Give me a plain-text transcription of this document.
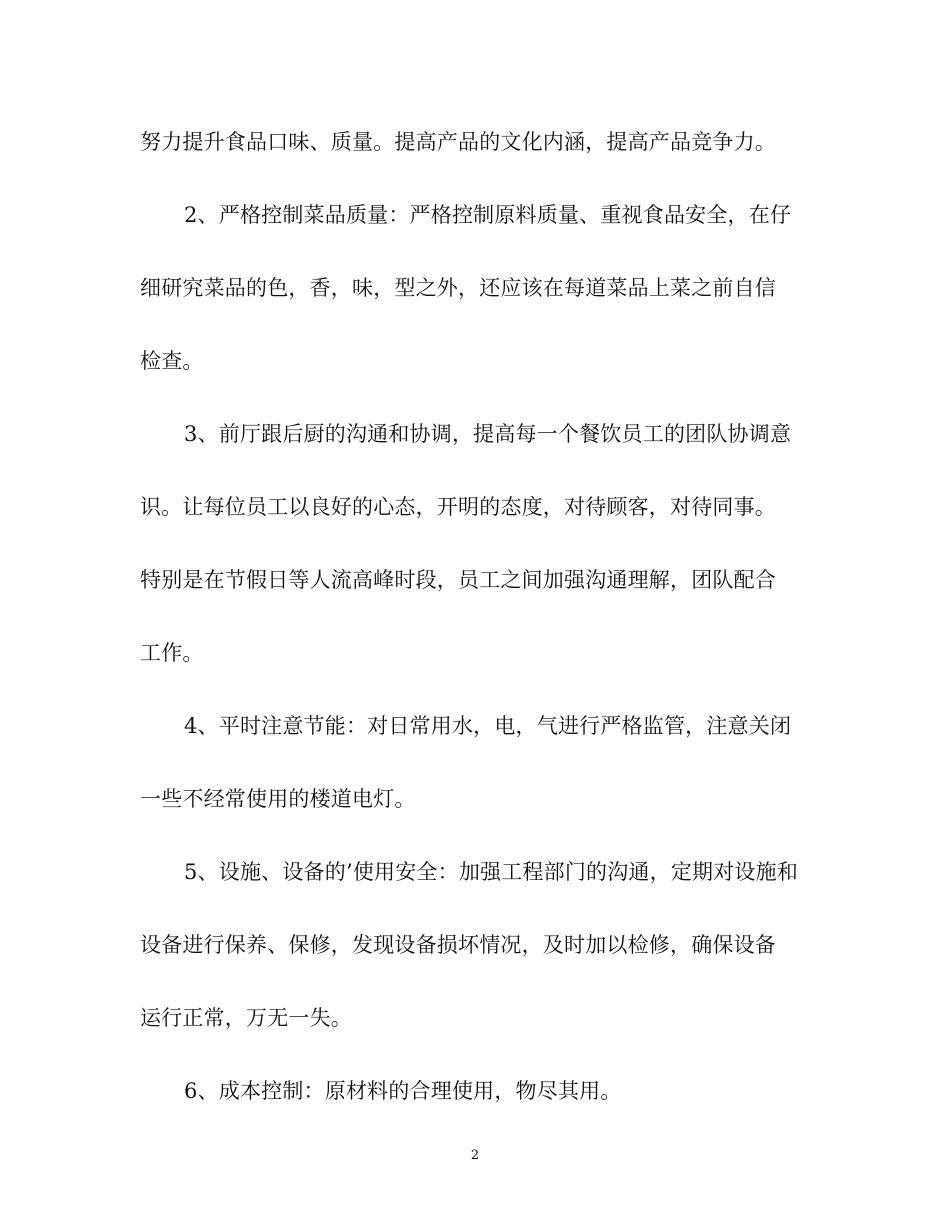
努力提升食品口味、质量。提高产品的文化内涵，提高产品竞争力。
2、严格控制菜品质量：严格控制原料质量、重视食品安全，在仔
细研究菜品的色，香，味，型之外，还应该在每道菜品上菜之前自信
检查。
3、前厅跟后厨的沟通和协调，提高每一个餐饮员工的团队协调意
识。让每位员工以良好的心态，开明的态度，对待顾客，对待同事。
特别是在节假日等人流高峰时段，员工之间加强沟通理解，团队配合
工作。
4、平时注意节能：对日常用水，电，气进行严格监管，注意关闭
一些不经常使用的楼道电灯。
5、设施、设备的’使用安全：加强工程部门的沟通，定期对设施和
设备进行保养、保修，发现设备损坏情况，及时加以检修，确保设备
运行正常，万无一失。
6、成本控制：原材料的合理使用，物尽其用。
2
